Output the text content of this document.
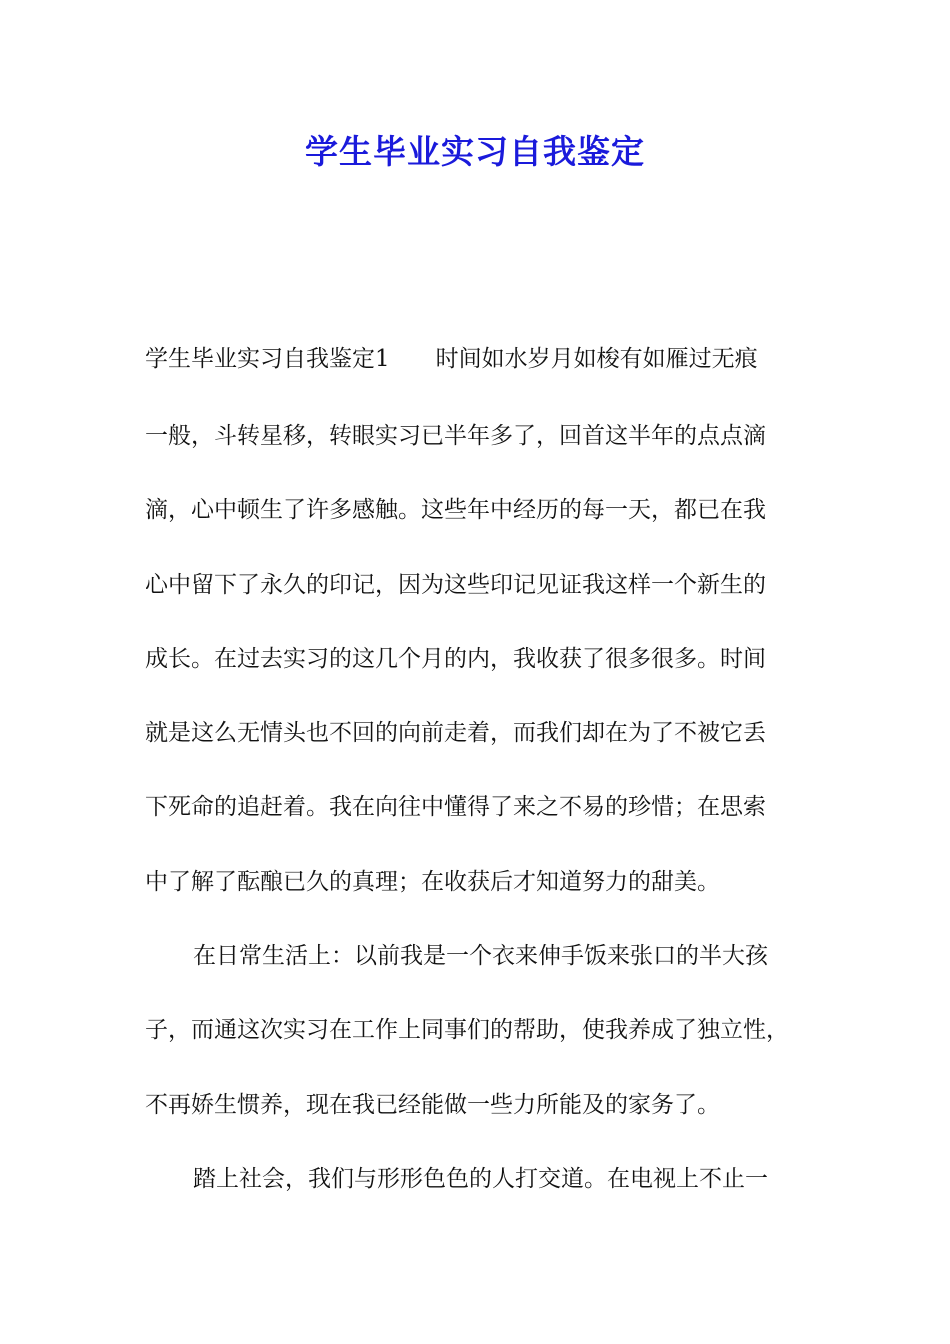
学生毕业实习自我鉴定

学生毕业实习自我鉴定1 时间如水岁月如梭有如雁过无痕

一般，斗转星移，转眼实习已半年多了，回首这半年的点点滴

滴，心中顿生了许多感触。这些年中经历的每一天，都已在我

心中留下了永久的印记，因为这些印记见证我这样一个新生的

成长。在过去实习的这几个月的内，我收获了很多很多。时间

就是这么无情头也不回的向前走着，而我们却在为了不被它丢

下死命的追赶着。我在向往中懂得了来之不易的珍惜；在思索

中了解了酝酿已久的真理；在收获后才知道努力的甜美。

在日常生活上：以前我是一个衣来伸手饭来张口的半大孩

子，而通这次实习在工作上同事们的帮助，使我养成了独立性，

不再娇生惯养，现在我已经能做一些力所能及的家务了。

踏上社会，我们与形形色色的人打交道。在电视上不止一
